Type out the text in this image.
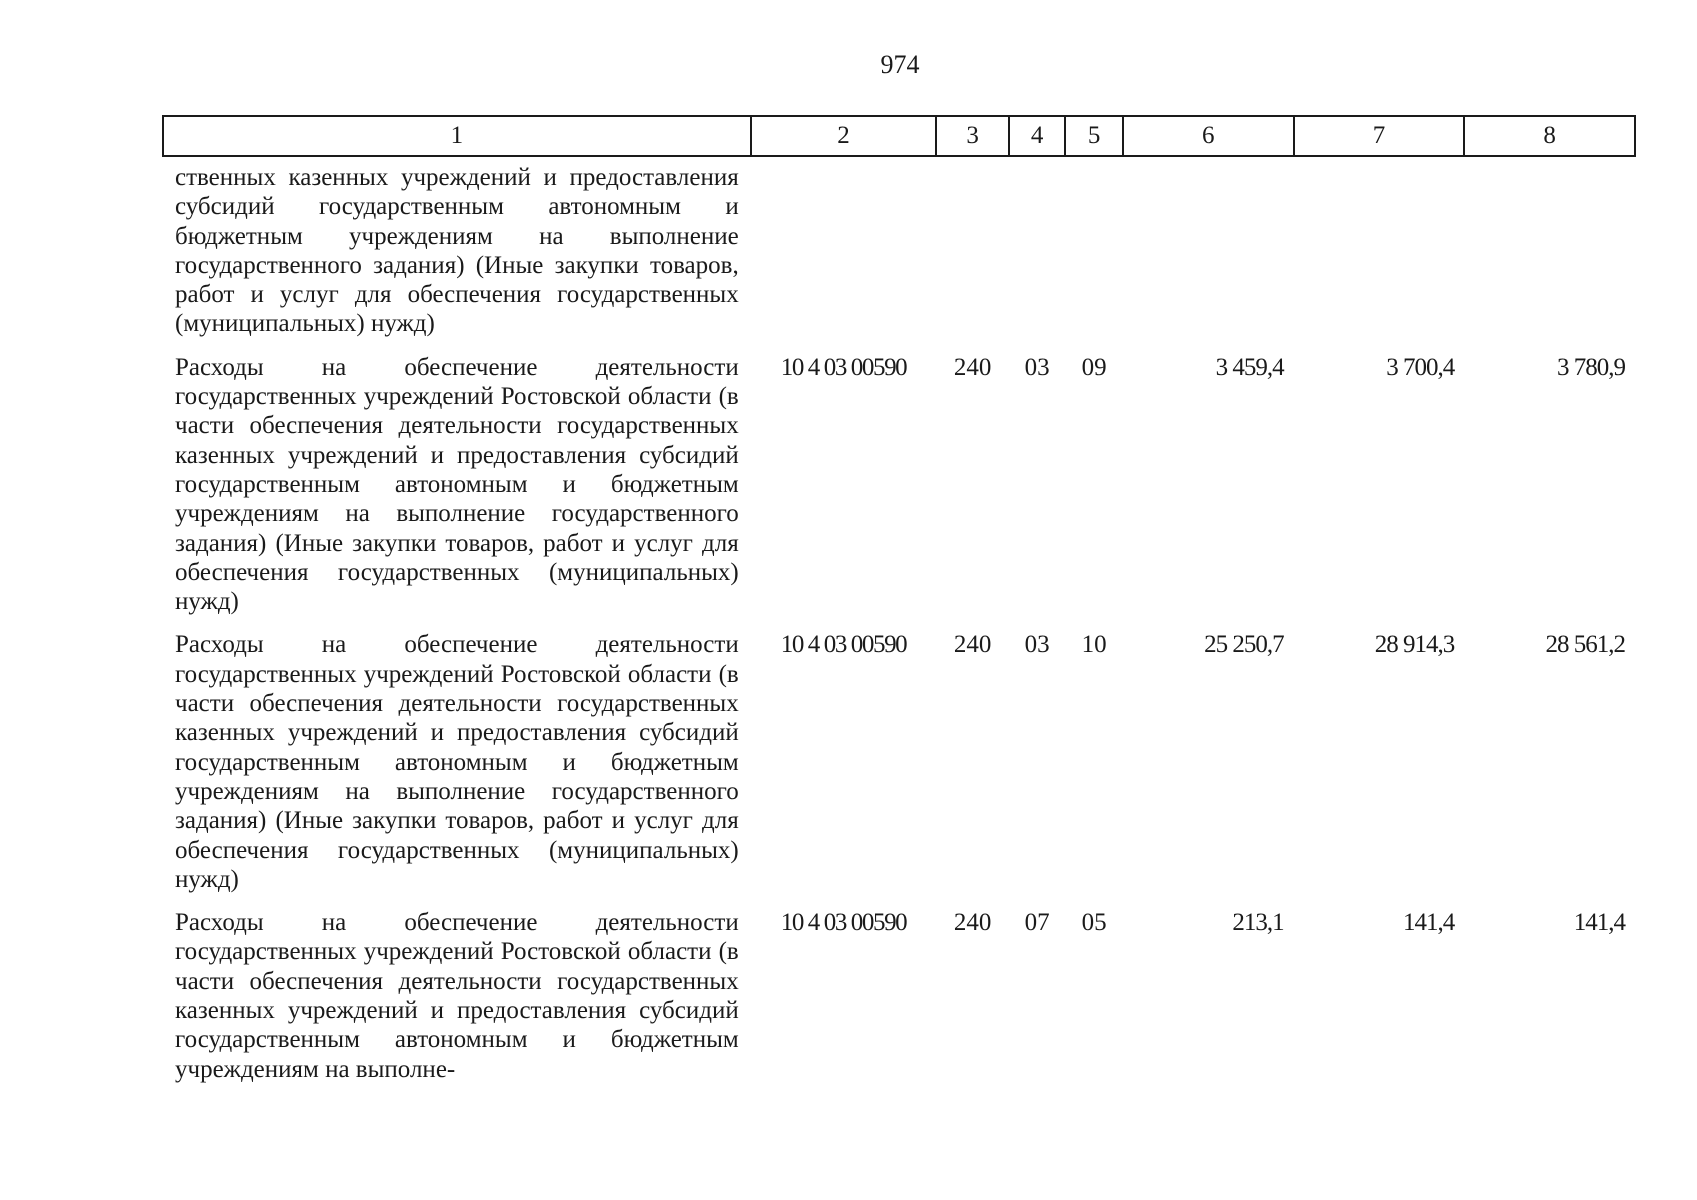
974
1	2	3	4	5	6	7	8
ственных казенных учреждений и предоставления субсидий государственным автономным и бюджетным учреждениям на выполнение государственного задания) (Иные закупки товаров, работ и услуг для обеспечения государственных (муниципальных) нужд)							
Расходы на обеспечение деятельности государственных учреждений Ростовской области (в части обеспечения деятельности государственных казенных учреждений и предоставления субсидий государственным автономным и бюджетным учреждениям на выполнение государственного задания) (Иные закупки товаров, работ и услуг для обеспечения государственных (муниципальных) нужд)	10 4 03 00590	240	03	09	3 459,4	3 700,4	3 780,9
Расходы на обеспечение деятельности государственных учреждений Ростовской области (в части обеспечения деятельности государственных казенных учреждений и предоставления субсидий государственным автономным и бюджетным учреждениям на выполнение государственного задания) (Иные закупки товаров, работ и услуг для обеспечения государственных (муниципальных) нужд)	10 4 03 00590	240	03	10	25 250,7	28 914,3	28 561,2
Расходы на обеспечение деятельности государственных учреждений Ростовской области (в части обеспечения деятельности государственных казенных учреждений и предоставления субсидий государственным автономным и бюджетным учреждениям на выполне-	10 4 03 00590	240	07	05	213,1	141,4	141,4
